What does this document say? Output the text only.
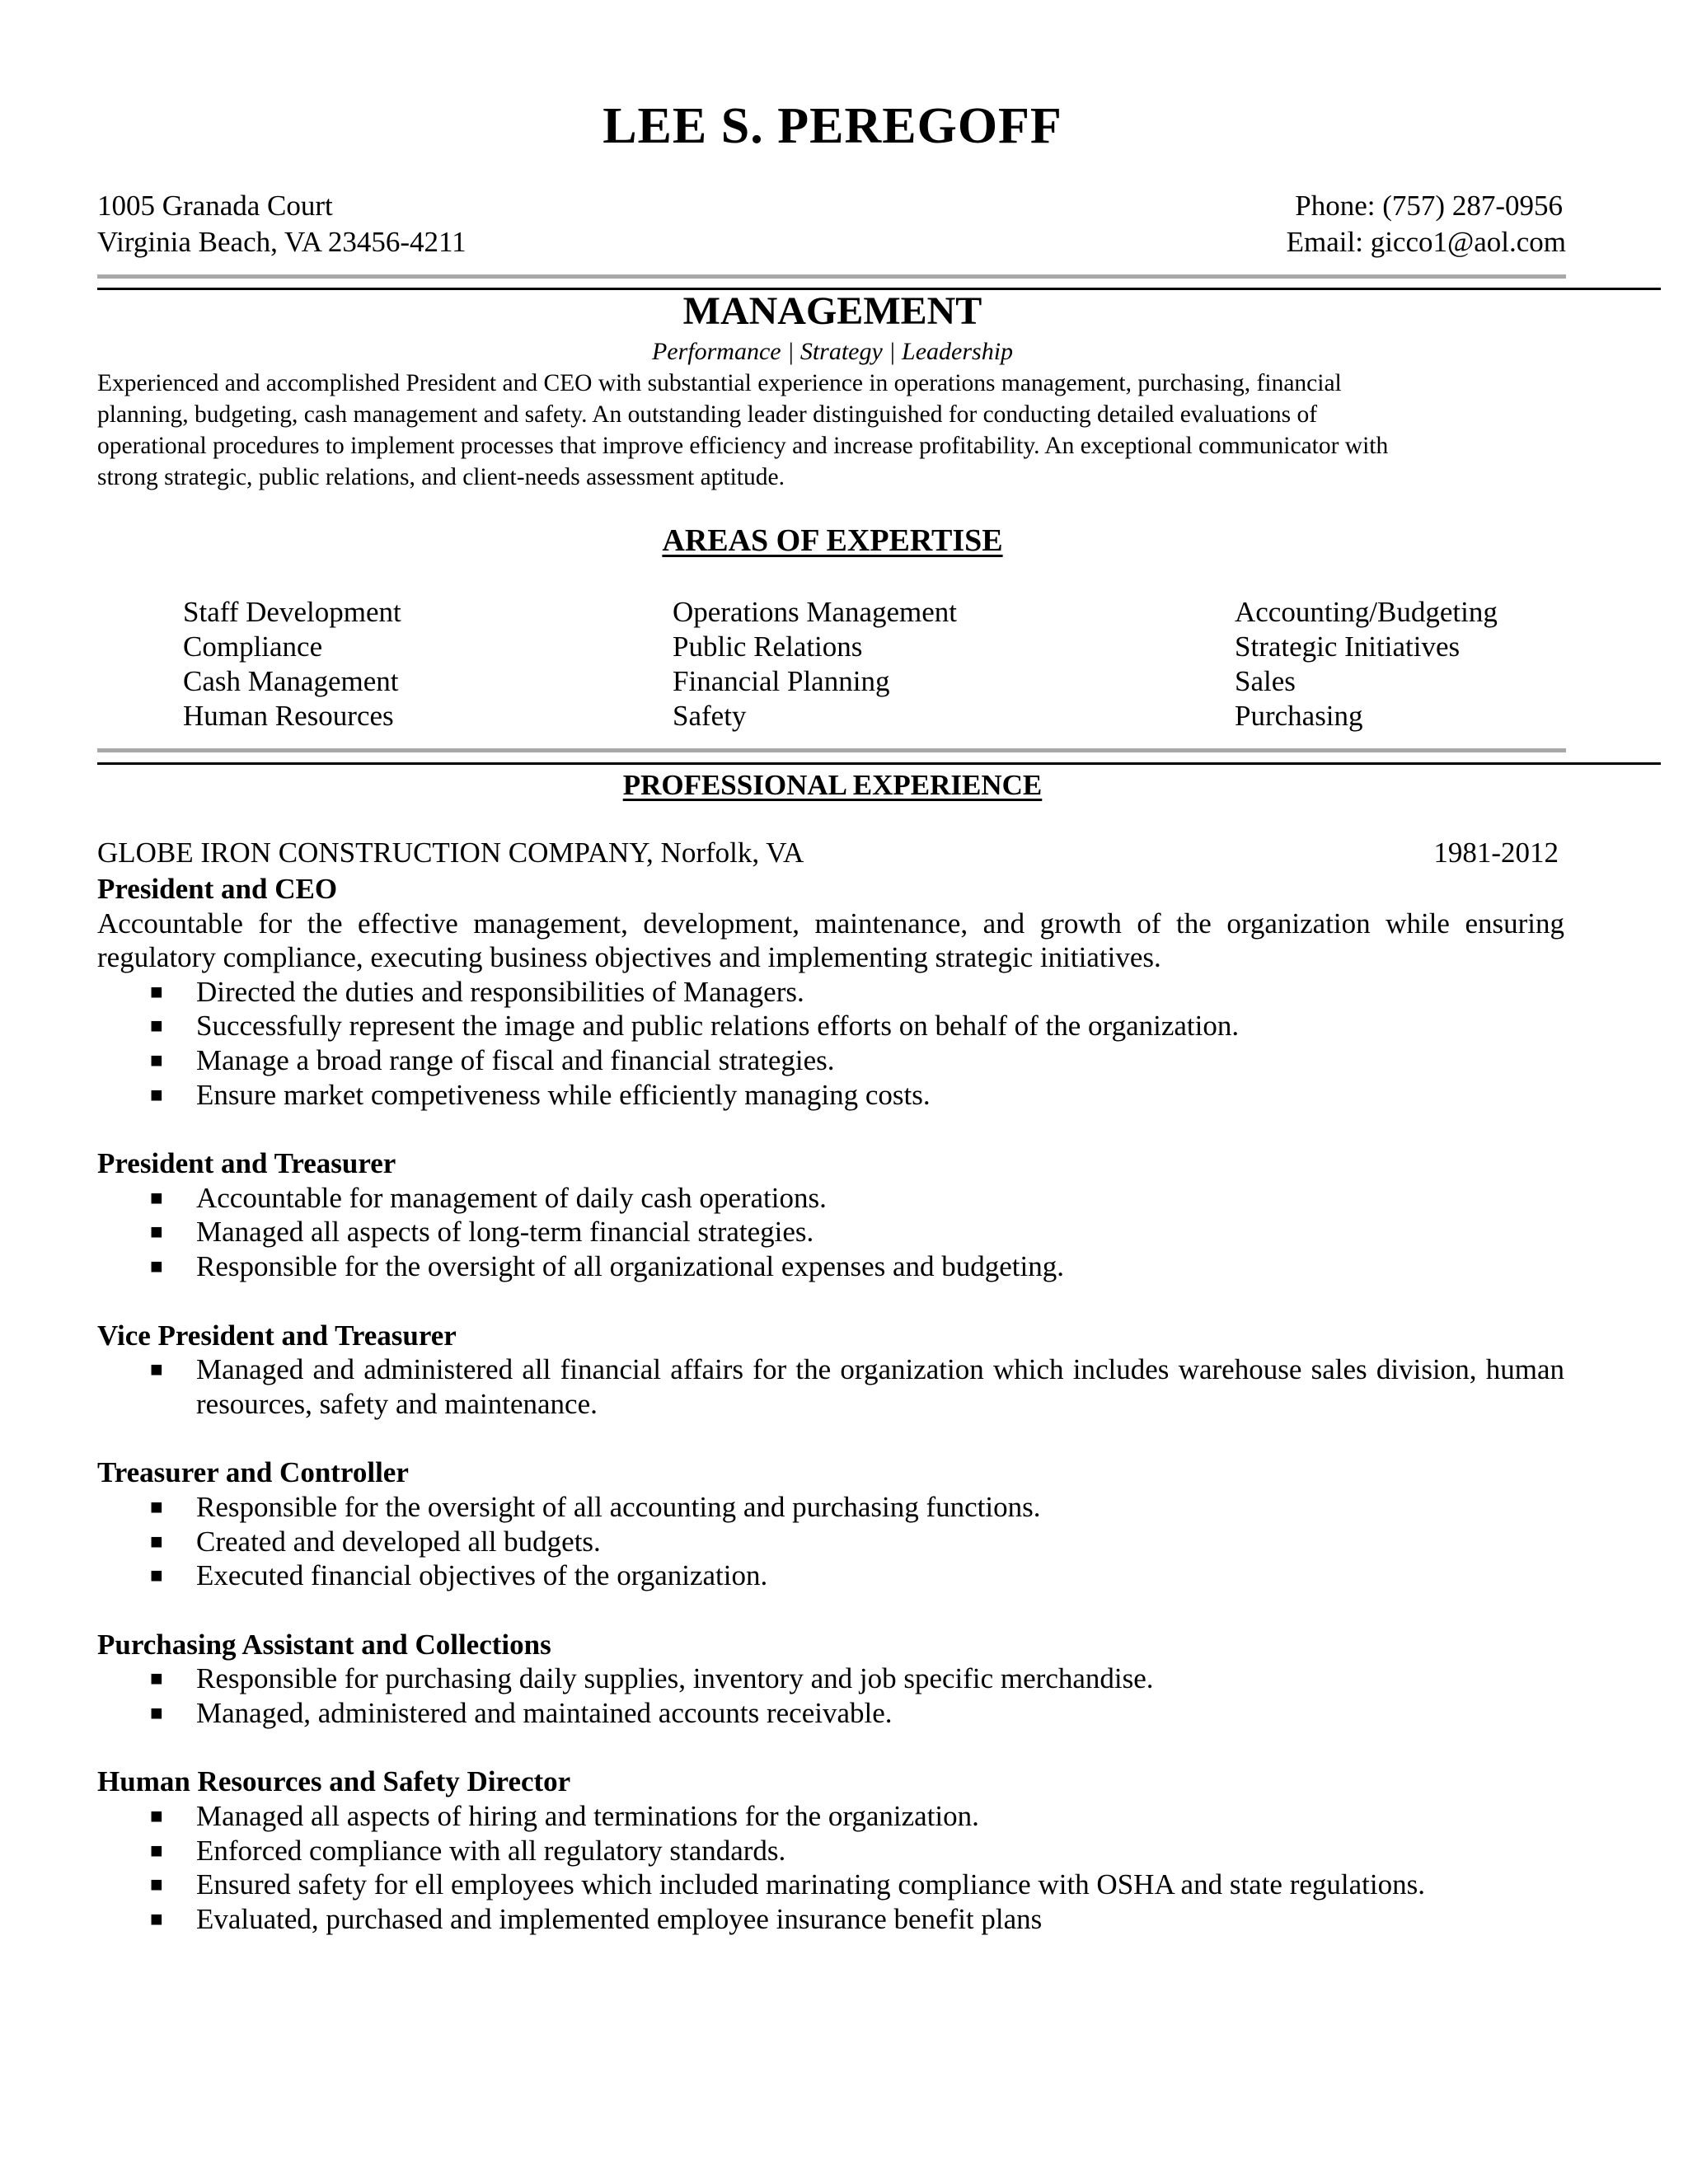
LEE S. PEREGOFF
1005 Granada Court
Virginia Beach, VA 23456-4211
Phone: (757) 287-0956
Email: gicco1@aol.com
MANAGEMENT
Performance | Strategy | Leadership

Experienced and accomplished President and CEO with substantial experience in operations management, purchasing, financial

planning, budgeting, cash management and safety. An outstanding leader distinguished for conducting detailed evaluations of

operational procedures to implement processes that improve efficiency and increase profitability. An exceptional communicator with

strong strategic, public relations, and client-needs assessment aptitude.

AREAS OF EXPERTISE
Staff Development
Compliance
Cash Management
Human Resources
Operations Management
Public Relations
Financial Planning
Safety
Accounting/Budgeting
Strategic Initiatives
Sales
Purchasing
PROFESSIONAL EXPERIENCE
GLOBE IRON CONSTRUCTION COMPANY, Norfolk, VA	1981-2012

President and CEO

Accountable for the effective management, development, maintenance, and growth of the organization while ensuring regulatory compliance, executing business objectives and implementing strategic initiatives.

■ Directed the duties and responsibilities of Managers.
■ Successfully represent the image and public relations efforts on behalf of the organization.
■ Manage a broad range of fiscal and financial strategies.
■ Ensure market competiveness while efficiently managing costs.

President and Treasurer

■ Accountable for management of daily cash operations.
■ Managed all aspects of long-term financial strategies.
■ Responsible for the oversight of all organizational expenses and budgeting.

Vice President and Treasurer

■ Managed and administered all financial affairs for the organization which includes warehouse sales division, human resources, safety and maintenance.

Treasurer and Controller

■ Responsible for the oversight of all accounting and purchasing functions.
■ Created and developed all budgets.
■ Executed financial objectives of the organization.

Purchasing Assistant and Collections

■ Responsible for purchasing daily supplies, inventory and job specific merchandise.
■ Managed, administered and maintained accounts receivable.

Human Resources and Safety Director

■ Managed all aspects of hiring and terminations for the organization.
■ Enforced compliance with all regulatory standards.
■ Ensured safety for ell employees which included marinating compliance with OSHA and state regulations.
■ Evaluated, purchased and implemented employee insurance benefit plans
